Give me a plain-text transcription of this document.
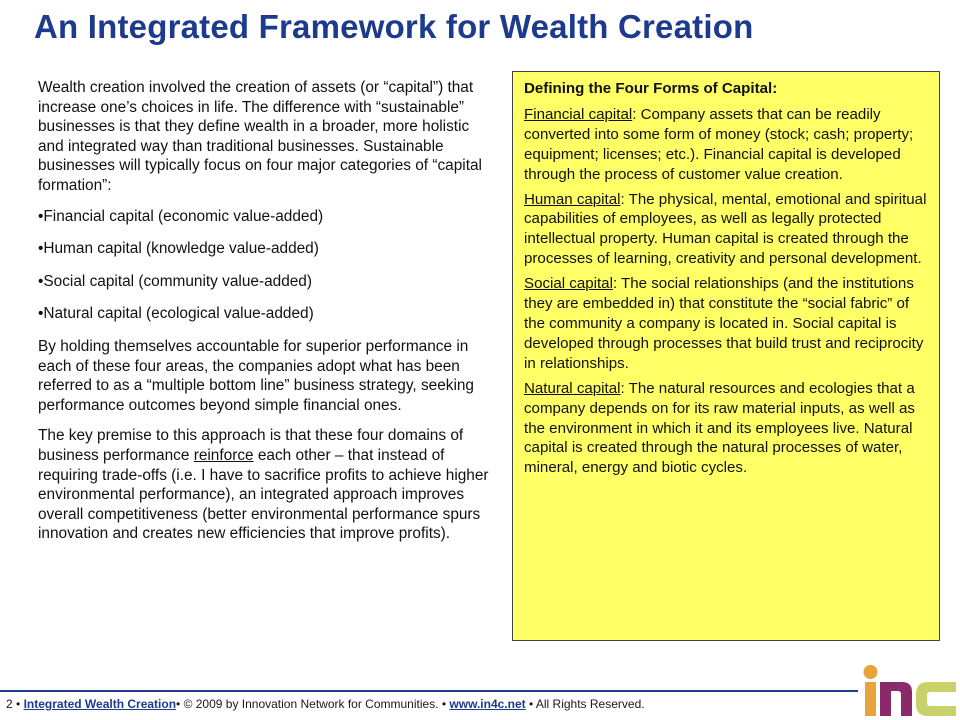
An Integrated Framework for Wealth Creation

Wealth creation involved the creation of assets (or “capital”) that increase one’s choices in life. The difference with “sustainable” businesses is that they define wealth in a broader, more holistic and integrated way than traditional businesses. Sustainable businesses will typically focus on four major categories of “capital formation”:

•Financial capital (economic value-added)

•Human capital (knowledge value-added)

•Social capital (community value-added)

•Natural capital (ecological value-added)

By holding themselves accountable for superior performance in each of these four areas, the companies adopt what has been referred to as a “multiple bottom line” business strategy, seeking performance outcomes beyond simple financial ones.

The key premise to this approach is that these four domains of business performance reinforce each other – that instead of requiring trade-offs (i.e. I have to sacrifice profits to achieve higher environmental performance), an integrated approach improves overall competitiveness (better environmental performance spurs innovation and creates new efficiencies that improve profits).

Defining the Four Forms of Capital:

Financial capital: Company assets that can be readily converted into some form of money (stock; cash; property; equipment; licenses; etc.). Financial capital is developed through the process of customer value creation.

Human capital: The physical, mental, emotional and spiritual capabilities of employees, as well as legally protected intellectual property. Human capital is created through the processes of learning, creativity and personal development.

Social capital: The social relationships (and the institutions they are embedded in) that constitute the “social fabric” of the community a company is located in. Social capital is developed through processes that build trust and reciprocity in relationships.

Natural capital: The natural resources and ecologies that a company depends on for its raw material inputs, as well as the environment in which it and its employees live. Natural capital is created through the natural processes of water, mineral, energy and biotic cycles.

2 • Integrated Wealth Creation• © 2009 by Innovation Network for Communities. • www.in4c.net • All Rights Reserved.
